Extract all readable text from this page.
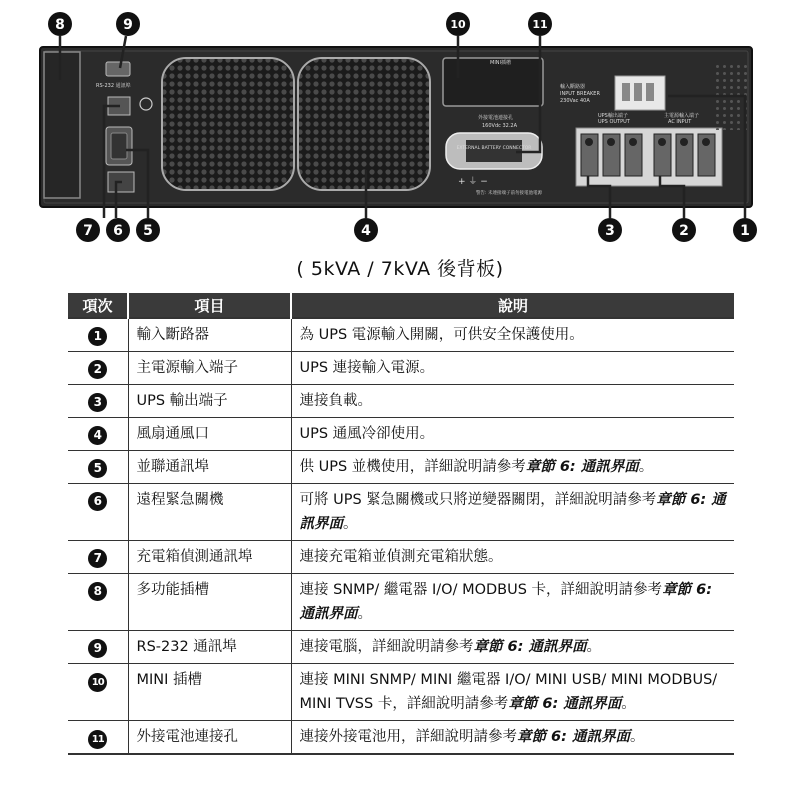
RS-232 通訊埠
MINI插槽
外接電池連接孔
160Vdc 32.2A
EXTERNAL BATTERY CONNECTOR
+ ⏚ −
警告: 未連接端子前勿接電池電源
輸入斷路器
INPUT BREAKER
230Vac 40A
UPS輸出端子
UPS OUTPUT
主電源輸入端子
AC INPUT
8	9	10	11
7 6 5	4	3	2	1
( 5kVA / 7kVA 後背板)
項次	項目	說明
1	輸入斷路器	為 UPS 電源輸入開關，可供安全保護使用。
2	主電源輸入端子	UPS 連接輸入電源。
3	UPS 輸出端子	連接負載。
4	風扇通風口	UPS 通風冷卻使用。
5	並聯通訊埠	供 UPS 並機使用，詳細說明請參考章節 6: 通訊界面。
6	遠程緊急關機	可將 UPS 緊急關機或只將逆變器關閉，詳細說明請參考章節 6: 通訊界面。
7	充電箱偵測通訊埠	連接充電箱並偵測充電箱狀態。
8	多功能插槽	連接 SNMP/ 繼電器 I/O/ MODBUS 卡，詳細說明請參考章節 6: 通訊界面。
9	RS-232 通訊埠	連接電腦，詳細說明請參考章節 6: 通訊界面。
10	MINI 插槽	連接 MINI SNMP/ MINI 繼電器 I/O/ MINI USB/ MINI MODBUS/ MINI TVSS 卡，詳細說明請參考章節 6: 通訊界面。
11	外接電池連接孔	連接外接電池用，詳細說明請參考章節 6: 通訊界面。
